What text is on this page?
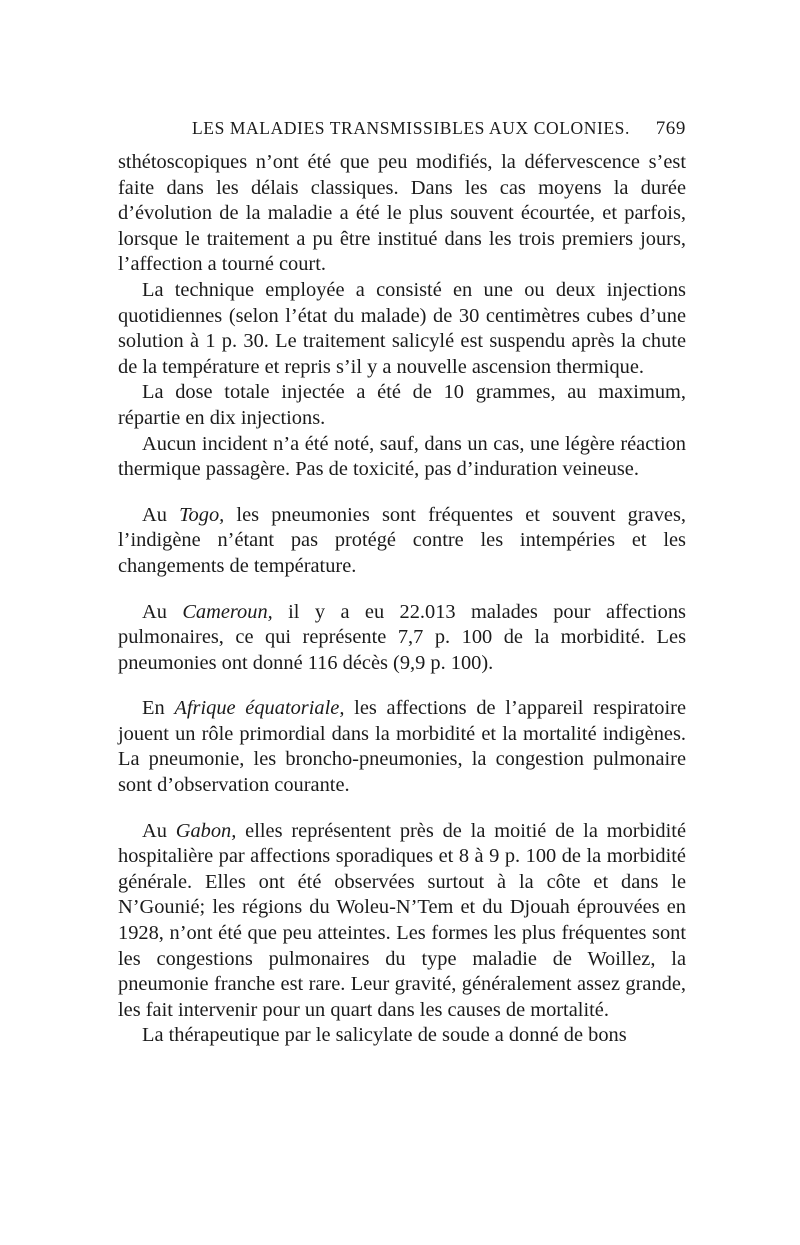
LES MALADIES TRANSMISSIBLES AUX COLONIES. 769

sthétoscopiques n’ont été que peu modifiés, la défervescence s’est faite dans les délais classiques. Dans les cas moyens la durée d’évolution de la maladie a été le plus souvent écourtée, et parfois, lorsque le traitement a pu être institué dans les trois premiers jours, l’affection a tourné court.

La technique employée a consisté en une ou deux injections quotidiennes (selon l’état du malade) de 30 centimètres cubes d’une solution à 1 p. 30. Le traitement salicylé est suspendu après la chute de la température et repris s’il y a nouvelle ascension thermique.

La dose totale injectée a été de 10 grammes, au maximum, répartie en dix injections.

Aucun incident n’a été noté, sauf, dans un cas, une légère réaction thermique passagère. Pas de toxicité, pas d’induration veineuse.

Au Togo, les pneumonies sont fréquentes et souvent graves, l’indigène n’étant pas protégé contre les intempéries et les changements de température.

Au Cameroun, il y a eu 22.013 malades pour affections pulmonaires, ce qui représente 7,7 p. 100 de la morbidité. Les pneumonies ont donné 116 décès (9,9 p. 100).

En Afrique équatoriale, les affections de l’appareil respiratoire jouent un rôle primordial dans la morbidité et la mortalité indigènes. La pneumonie, les broncho-pneumonies, la congestion pulmonaire sont d’observation courante.

Au Gabon, elles représentent près de la moitié de la morbidité hospitalière par affections sporadiques et 8 à 9 p. 100 de la morbidité générale. Elles ont été observées surtout à la côte et dans le N’Gounié; les régions du Woleu-N’Tem et du Djouah éprouvées en 1928, n’ont été que peu atteintes. Les formes les plus fréquentes sont les congestions pulmonaires du type maladie de Woillez, la pneumonie franche est rare. Leur gravité, généralement assez grande, les fait intervenir pour un quart dans les causes de mortalité.

La thérapeutique par le salicylate de soude a donné de bons
